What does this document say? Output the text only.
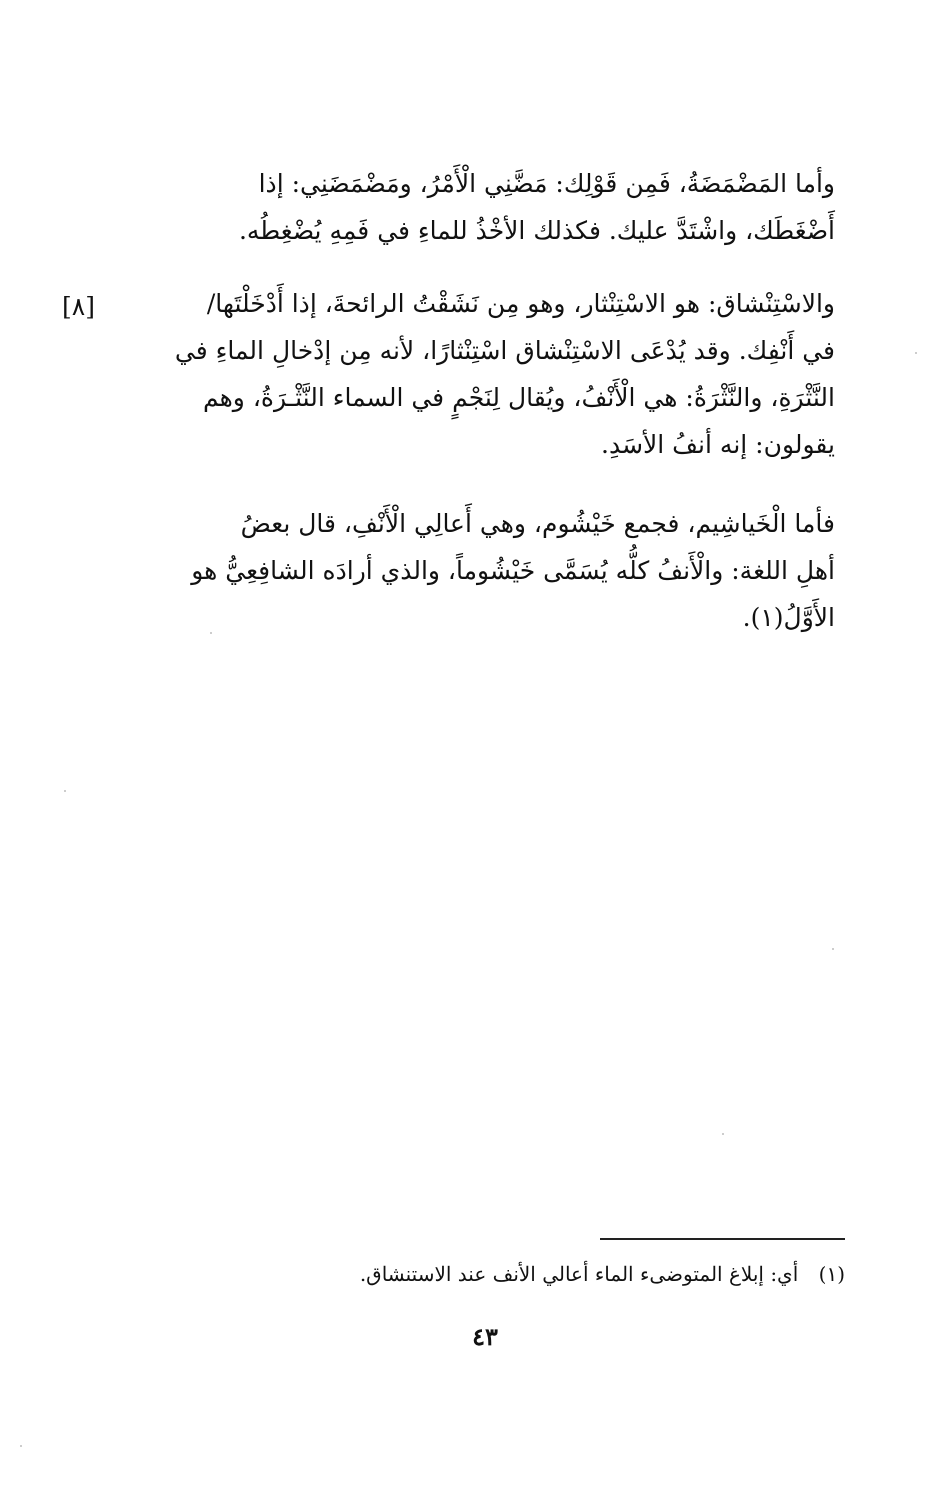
وأما المَضْمَضَةُ، فَمِن قَوْلِك: مَضَّنِي الْأَمْرُ، ومَضْمَضَنِي: إذا

أَضْغَطَك، واشْتَدَّ عليك. فكذلك الأخْذُ للماءِ في فَمِهِ يُضْغِطُه.

والاسْتِنْشاق: هو الاسْتِنْثار، وهو مِن نَشَقْتُ الرائحةَ، إذا أَدْخَلْتَها/

في أَنْفِك. وقد يُدْعَى الاسْتِنْشاق اسْتِنْثارًا، لأنه مِن إدْخالِ الماءِ في

النَّثْرَةِ، والنَّثْرَةُ: هي الْأَنْفُ، ويُقال لِنَجْمٍ في السماء النَّثْـرَةُ، وهم

يقولون: إنه أنفُ الأسَدِ.

[٨]

فأما الْخَياشِيم، فجمع خَيْشُوم، وهي أَعالِي الْأَنْفِ، قال بعضُ

أهلِ اللغة: والْأَنفُ كلُّه يُسَمَّى خَيْشُوماً، والذي أرادَه الشافِعِيُّ هو

الأَوَّلُ(١).

(١) أي: إبلاغ المتوضىء الماء أعالي الأنف عند الاستنشاق.
٤٣
